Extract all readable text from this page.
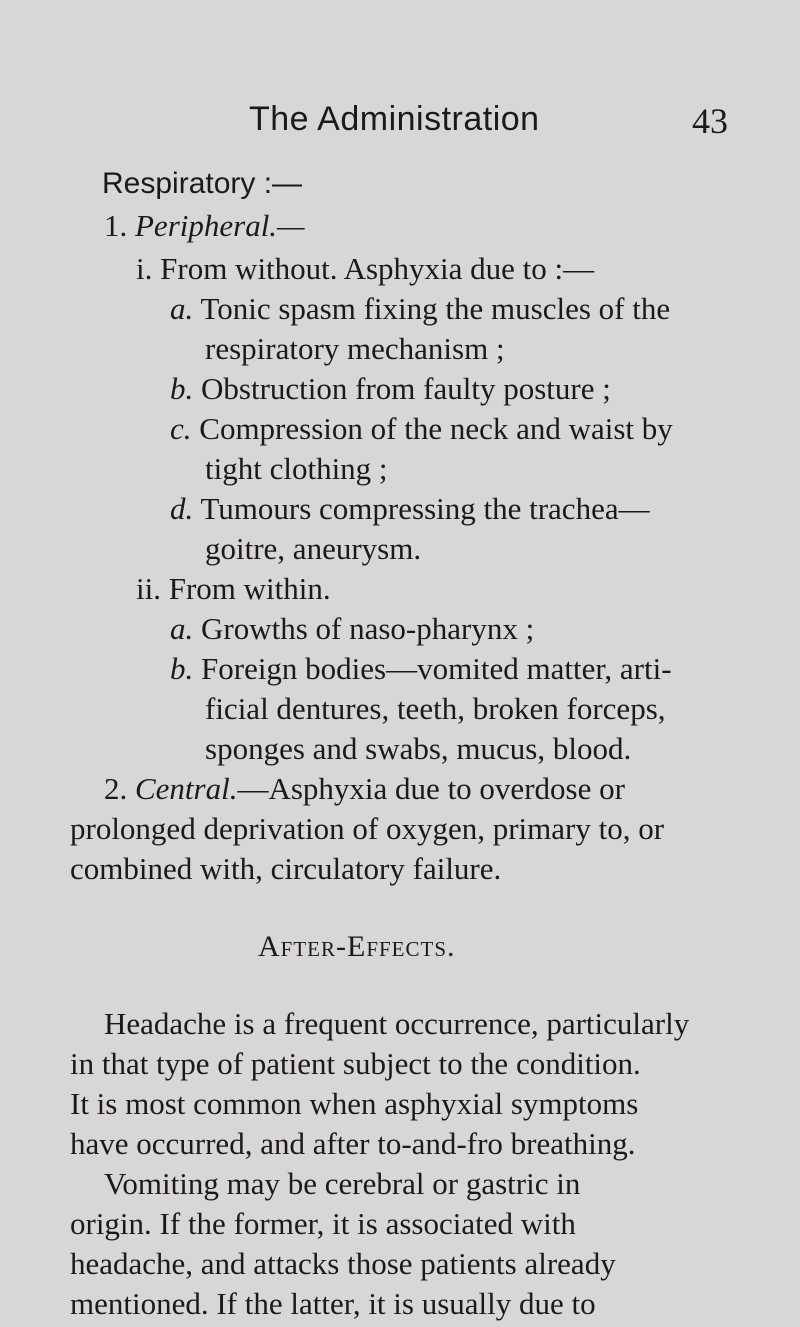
The Administration	43
Respiratory :—
1. Peripheral.—
i. From without. Asphyxia due to :—
a. Tonic spasm fixing the muscles of the
respiratory mechanism ;
b. Obstruction from faulty posture ;
c. Compression of the neck and waist by
tight clothing ;
d. Tumours compressing the trachea—
goitre, aneurysm.
ii. From within.
a. Growths of naso-pharynx ;
b. Foreign bodies—vomited matter, arti-
ficial dentures, teeth, broken forceps,
sponges and swabs, mucus, blood.
2. Central.—Asphyxia due to overdose or
prolonged deprivation of oxygen, primary to, or
combined with, circulatory failure.
After-Effects.
Headache is a frequent occurrence, particularly
in that type of patient subject to the condition.
It is most common when asphyxial symptoms
have occurred, and after to-and-fro breathing.
Vomiting may be cerebral or gastric in
origin. If the former, it is associated with
headache, and attacks those patients already
mentioned. If the latter, it is usually due to
